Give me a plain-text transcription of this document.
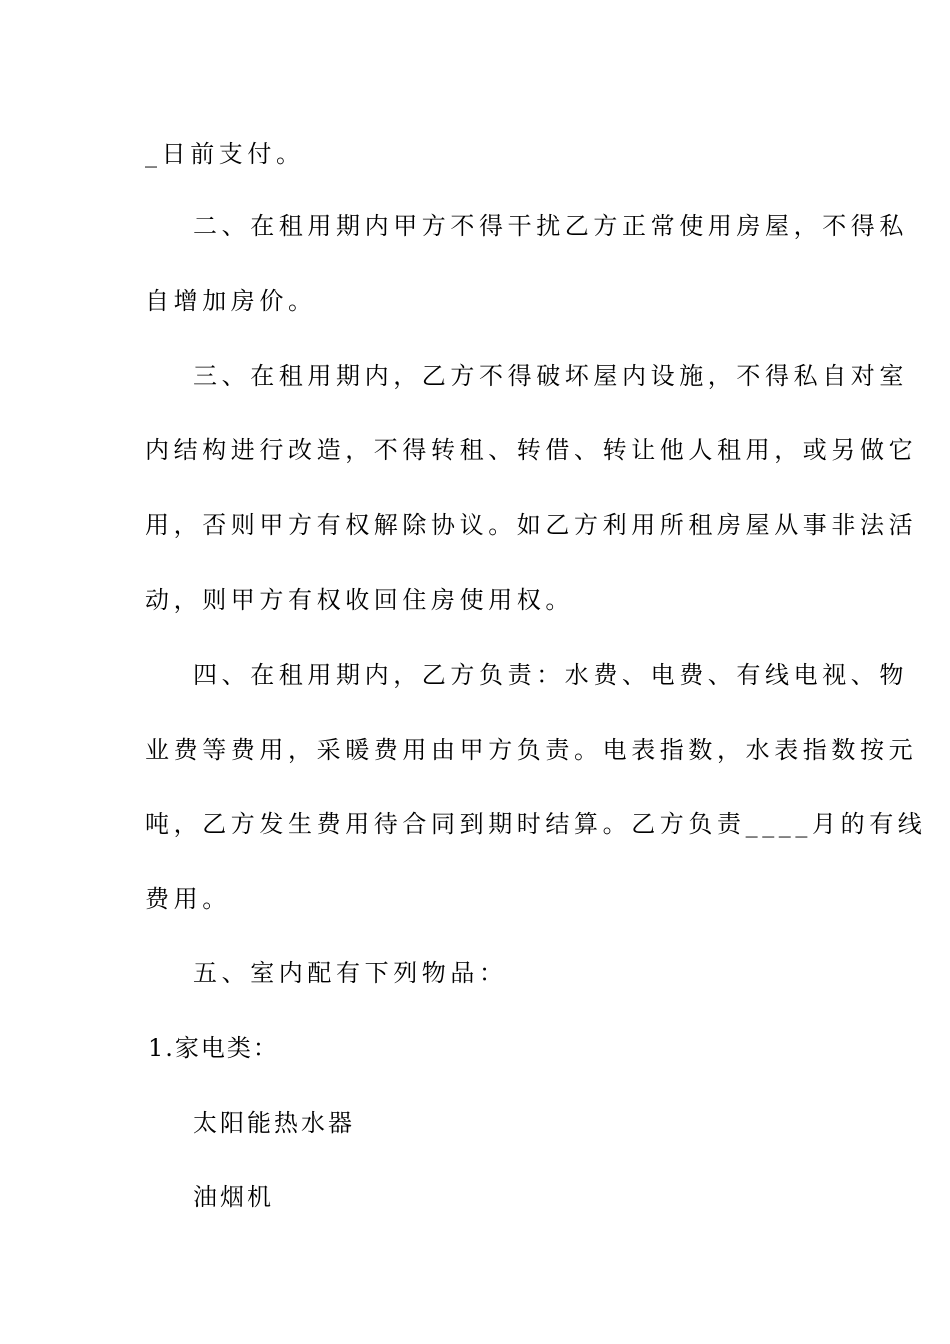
_日前支付。
二、在租用期内甲方不得干扰乙方正常使用房屋，不得私
自增加房价。
三、在租用期内，乙方不得破坏屋内设施，不得私自对室
内结构进行改造，不得转租、转借、转让他人租用，或另做它
用，否则甲方有权解除协议。如乙方利用所租房屋从事非法活
动，则甲方有权收回住房使用权。
四、在租用期内，乙方负责：水费、电费、有线电视、物
业费等费用，采暖费用由甲方负责。电表指数，水表指数按元
吨，乙方发生费用待合同到期时结算。乙方负责____月的有线
费用。
五、室内配有下列物品：
1.家电类：
太阳能热水器
油烟机
